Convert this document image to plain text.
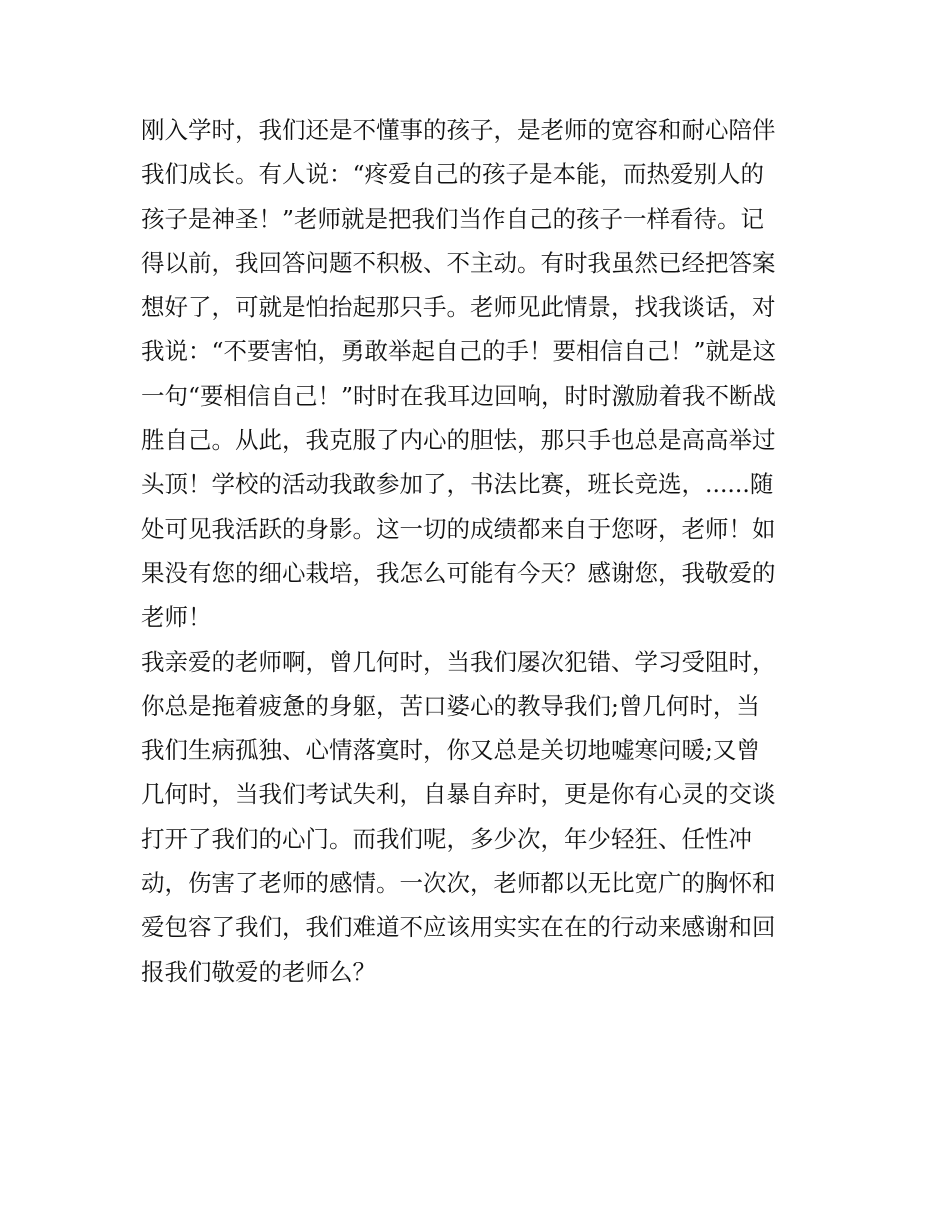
刚入学时，我们还是不懂事的孩子，是老师的宽容和耐心陪伴
我们成长。有人说：“疼爱自己的孩子是本能，而热爱别人的
孩子是神圣！”老师就是把我们当作自己的孩子一样看待。记
得以前，我回答问题不积极、不主动。有时我虽然已经把答案
想好了，可就是怕抬起那只手。老师见此情景，找我谈话，对
我说：“不要害怕，勇敢举起自己的手！要相信自己！”就是这
一句“要相信自己！”时时在我耳边回响，时时激励着我不断战
胜自己。从此，我克服了内心的胆怯，那只手也总是高高举过
头顶！学校的活动我敢参加了，书法比赛，班长竞选，......随
处可见我活跃的身影。这一切的成绩都来自于您呀，老师！如
果没有您的细心栽培，我怎么可能有今天？感谢您，我敬爱的
老师！
我亲爱的老师啊，曾几何时，当我们屡次犯错、学习受阻时，
你总是拖着疲惫的身躯，苦口婆心的教导我们;曾几何时，当
我们生病孤独、心情落寞时，你又总是关切地嘘寒问暖;又曾
几何时，当我们考试失利，自暴自弃时，更是你有心灵的交谈
打开了我们的心门。而我们呢，多少次，年少轻狂、任性冲
动，伤害了老师的感情。一次次，老师都以无比宽广的胸怀和
爱包容了我们，我们难道不应该用实实在在的行动来感谢和回
报我们敬爱的老师么？
